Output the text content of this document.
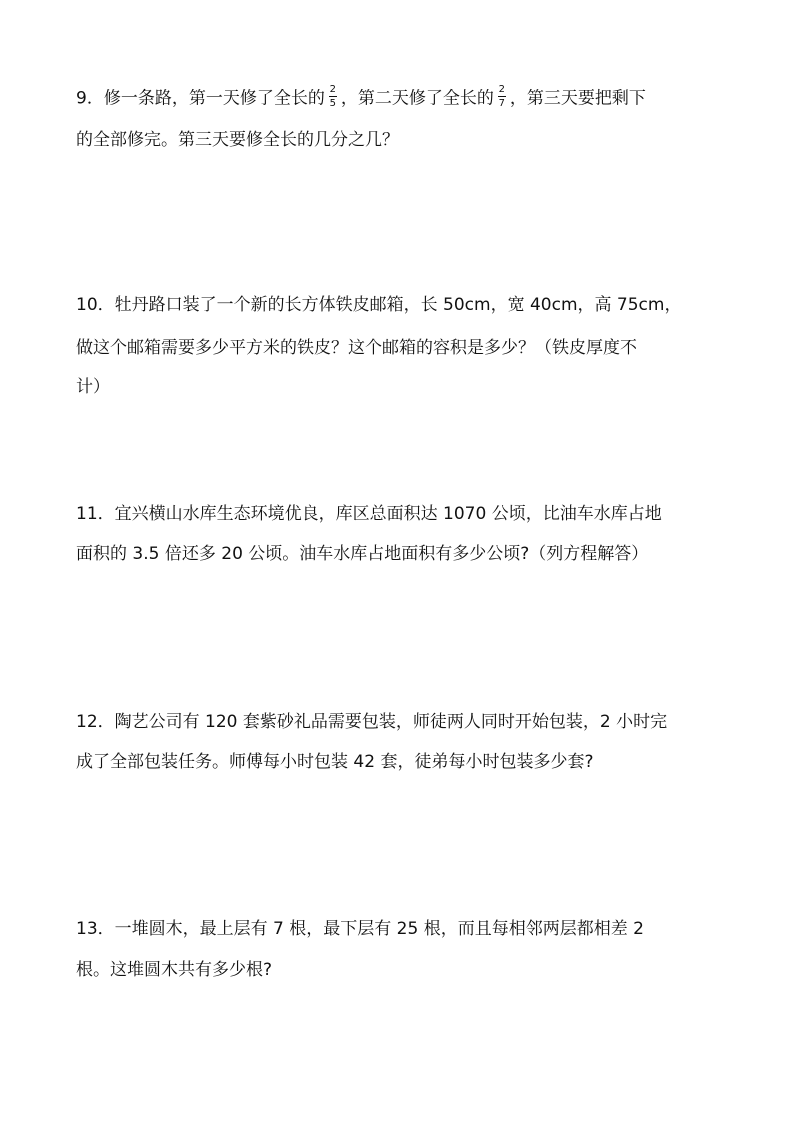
9．修一条路，第一天修了全长的 $\frac{2}{5}$ ，第二天修了全长的 $\frac{2}{7}$ ，第三天要把剩下
的全部修完。第三天要修全长的几分之几？
10．牡丹路口装了一个新的长方体铁皮邮箱，长 50cm，宽 40cm，高 75cm，
做这个邮箱需要多少平方米的铁皮？这个邮箱的容积是多少？（铁皮厚度不
计）
11．宜兴横山水库生态环境优良，库区总面积达 1070 公顷，比油车水库占地
面积的 3.5 倍还多 20 公顷。油车水库占地面积有多少公顷?（列方程解答）
12．陶艺公司有 120 套紫砂礼品需要包装，师徒两人同时开始包装，2 小时完
成了全部包装任务。师傅每小时包装 42 套，徒弟每小时包装多少套?
13．一堆圆木，最上层有 7 根，最下层有 25 根，而且每相邻两层都相差 2
根。这堆圆木共有多少根?
